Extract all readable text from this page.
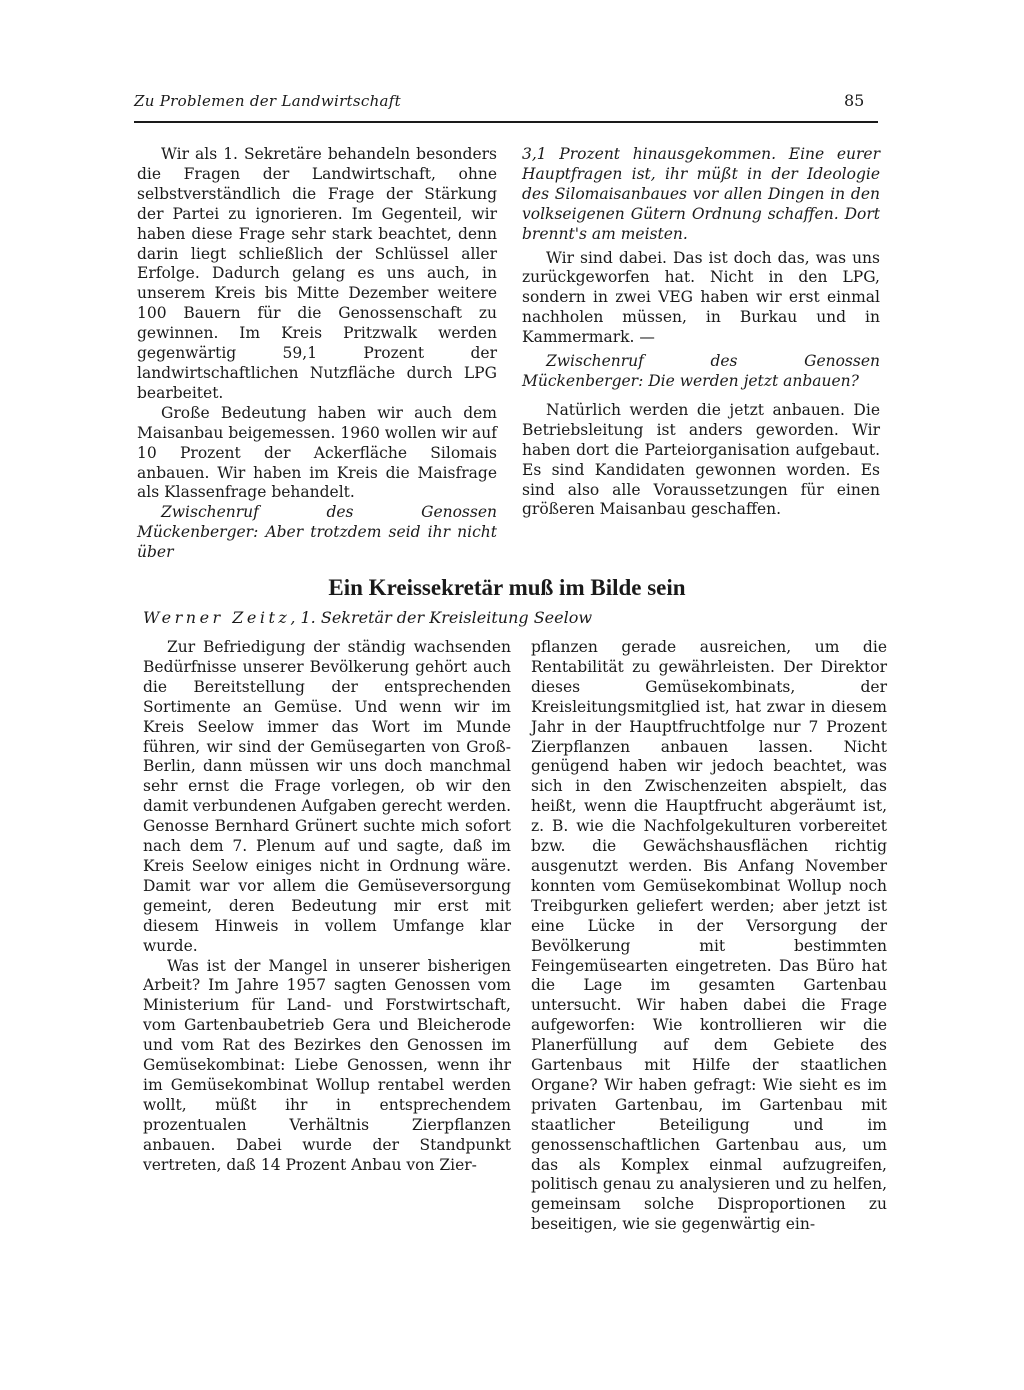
Zu Problemen der Landwirtschaft	85

Wir als 1. Sekretäre behandeln besonders die Fragen der Landwirtschaft, ohne selbstverständlich die Frage der Stärkung der Partei zu ignorieren. Im Gegenteil, wir haben diese Frage sehr stark beachtet, denn darin liegt schließlich der Schlüssel aller Erfolge. Dadurch gelang es uns auch, in unserem Kreis bis Mitte Dezember weitere 100 Bauern für die Genossenschaft zu gewinnen. Im Kreis Pritzwalk werden gegenwärtig 59,1 Prozent der landwirtschaftlichen Nutzfläche durch LPG bearbeitet.

Große Bedeutung haben wir auch dem Maisanbau beigemessen. 1960 wollen wir auf 10 Prozent der Ackerfläche Silomais anbauen. Wir haben im Kreis die Maisfrage als Klassenfrage behandelt.

Zwischenruf des Genossen Mückenberger: Aber trotzdem seid ihr nicht über

3,1 Prozent hinausgekommen. Eine eurer Hauptfragen ist, ihr müßt in der Ideologie des Silomaisanbaues vor allen Dingen in den volkseigenen Gütern Ordnung schaffen. Dort brennt's am meisten.

Wir sind dabei. Das ist doch das, was uns zurückgeworfen hat. Nicht in den LPG, sondern in zwei VEG haben wir erst einmal nachholen müssen, in Burkau und in Kammermark. —

Zwischenruf des Genossen Mückenberger: Die werden jetzt anbauen?

Natürlich werden die jetzt anbauen. Die Betriebsleitung ist anders geworden. Wir haben dort die Parteiorganisation aufgebaut. Es sind Kandidaten gewonnen worden. Es sind also alle Voraussetzungen für einen größeren Maisanbau geschaffen.

Ein Kreissekretär muß im Bilde sein
Werner Zeitz, 1. Sekretär der Kreisleitung Seelow

Zur Befriedigung der ständig wachsenden Bedürfnisse unserer Bevölkerung gehört auch die Bereitstellung der entsprechenden Sortimente an Gemüse. Und wenn wir im Kreis Seelow immer das Wort im Munde führen, wir sind der Gemüsegarten von Groß-Berlin, dann müssen wir uns doch manchmal sehr ernst die Frage vorlegen, ob wir den damit verbundenen Aufgaben gerecht werden. Genosse Bernhard Grünert suchte mich sofort nach dem 7. Plenum auf und sagte, daß im Kreis Seelow einiges nicht in Ordnung wäre. Damit war vor allem die Gemüseversorgung gemeint, deren Bedeutung mir erst mit diesem Hinweis in vollem Umfange klar wurde.

Was ist der Mangel in unserer bisherigen Arbeit? Im Jahre 1957 sagten Genossen vom Ministerium für Land- und Forstwirtschaft, vom Gartenbaubetrieb Gera und Bleicherode und vom Rat des Bezirkes den Genossen im Gemüsekombinat: Liebe Genossen, wenn ihr im Gemüsekombinat Wollup rentabel werden wollt, müßt ihr in entsprechendem prozentualen Verhältnis Zierpflanzen anbauen. Dabei wurde der Standpunkt vertreten, daß 14 Prozent Anbau von Zier-

pflanzen gerade ausreichen, um die Rentabilität zu gewährleisten. Der Direktor dieses Gemüsekombinats, der Kreisleitungsmitglied ist, hat zwar in diesem Jahr in der Hauptfruchtfolge nur 7 Prozent Zierpflanzen anbauen lassen. Nicht genügend haben wir jedoch beachtet, was sich in den Zwischenzeiten abspielt, das heißt, wenn die Hauptfrucht abgeräumt ist, z. B. wie die Nachfolgekulturen vorbereitet bzw. die Gewächshausflächen richtig ausgenutzt werden. Bis Anfang November konnten vom Gemüsekombinat Wollup noch Treibgurken geliefert werden; aber jetzt ist eine Lücke in der Versorgung der Bevölkerung mit bestimmten Feingemüsearten eingetreten. Das Büro hat die Lage im gesamten Gartenbau untersucht. Wir haben dabei die Frage aufgeworfen: Wie kontrollieren wir die Planerfüllung auf dem Gebiete des Gartenbaus mit Hilfe der staatlichen Organe? Wir haben gefragt: Wie sieht es im privaten Gartenbau, im Gartenbau mit staatlicher Beteiligung und im genossenschaftlichen Gartenbau aus, um das als Komplex einmal aufzugreifen, politisch genau zu analysieren und zu helfen, gemeinsam solche Disproportionen zu beseitigen, wie sie gegenwärtig ein-
